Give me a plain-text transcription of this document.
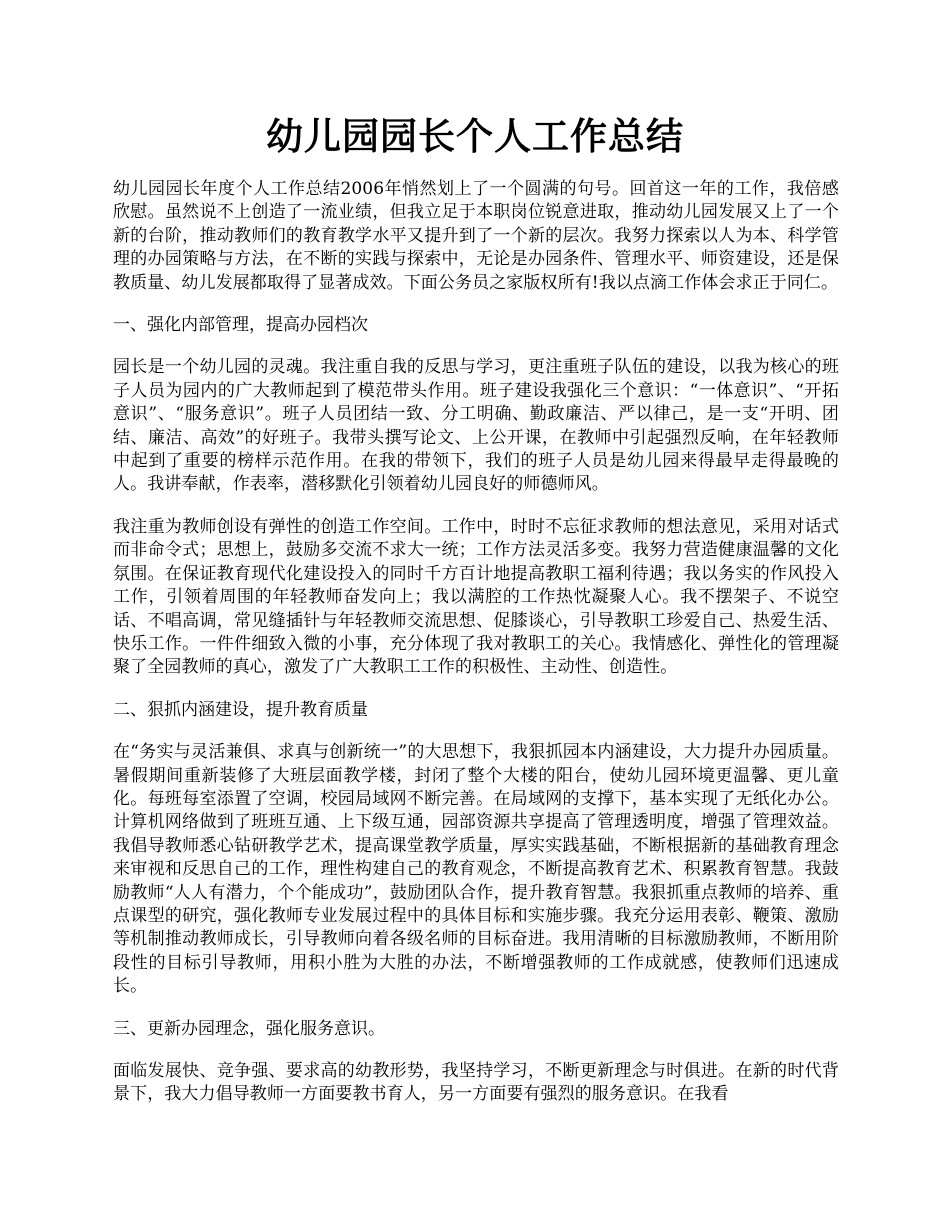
幼儿园园长个人工作总结

幼儿园园长年度个人工作总结2006年悄然划上了一个圆满的句号。回首这一年的工作，我倍感欣慰。虽然说不上创造了一流业绩，但我立足于本职岗位锐意进取，推动幼儿园发展又上了一个新的台阶，推动教师们的教育教学水平又提升到了一个新的层次。我努力探索以人为本、科学管理的办园策略与方法，在不断的实践与探索中，无论是办园条件、管理水平、师资建设，还是保教质量、幼儿发展都取得了显著成效。下面公务员之家版权所有!我以点滴工作体会求正于同仁。

一、强化内部管理，提高办园档次

园长是一个幼儿园的灵魂。我注重自我的反思与学习，更注重班子队伍的建设，以我为核心的班子人员为园内的广大教师起到了模范带头作用。班子建设我强化三个意识：“一体意识”、“开拓意识”、“服务意识”。班子人员团结一致、分工明确、勤政廉洁、严以律己，是一支“开明、团结、廉洁、高效”的好班子。我带头撰写论文、上公开课，在教师中引起强烈反响，在年轻教师中起到了重要的榜样示范作用。在我的带领下，我们的班子人员是幼儿园来得最早走得最晚的人。我讲奉献，作表率，潜移默化引领着幼儿园良好的师德师风。

我注重为教师创设有弹性的创造工作空间。工作中，时时不忘征求教师的想法意见，采用对话式而非命令式；思想上，鼓励多交流不求大一统；工作方法灵活多变。我努力营造健康温馨的文化氛围。在保证教育现代化建设投入的同时千方百计地提高教职工福利待遇；我以务实的作风投入工作，引领着周围的年轻教师奋发向上；我以满腔的工作热忱凝聚人心。我不摆架子、不说空话、不唱高调，常见缝插针与年轻教师交流思想、促膝谈心，引导教职工珍爱自己、热爱生活、快乐工作。一件件细致入微的小事，充分体现了我对教职工的关心。我情感化、弹性化的管理凝聚了全园教师的真心，激发了广大教职工工作的积极性、主动性、创造性。

二、狠抓内涵建设，提升教育质量

在“务实与灵活兼俱、求真与创新统一”的大思想下，我狠抓园本内涵建设，大力提升办园质量。暑假期间重新装修了大班层面教学楼，封闭了整个大楼的阳台，使幼儿园环境更温馨、更儿童化。每班每室添置了空调，校园局域网不断完善。在局域网的支撑下，基本实现了无纸化办公。计算机网络做到了班班互通、上下级互通，园部资源共享提高了管理透明度，增强了管理效益。我倡导教师悉心钻研教学艺术，提高课堂教学质量，厚实实践基础，不断根据新的基础教育理念来审视和反思自己的工作，理性构建自己的教育观念，不断提高教育艺术、积累教育智慧。我鼓励教师“人人有潜力，个个能成功”，鼓励团队合作，提升教育智慧。我狠抓重点教师的培养、重点课型的研究，强化教师专业发展过程中的具体目标和实施步骤。我充分运用表彰、鞭策、激励等机制推动教师成长，引导教师向着各级名师的目标奋进。我用清晰的目标激励教师，不断用阶段性的目标引导教师，用积小胜为大胜的办法，不断增强教师的工作成就感，使教师们迅速成长。

三、更新办园理念，强化服务意识。

面临发展快、竞争强、要求高的幼教形势，我坚持学习，不断更新理念与时俱进。在新的时代背景下，我大力倡导教师一方面要教书育人，另一方面要有强烈的服务意识。在我看
